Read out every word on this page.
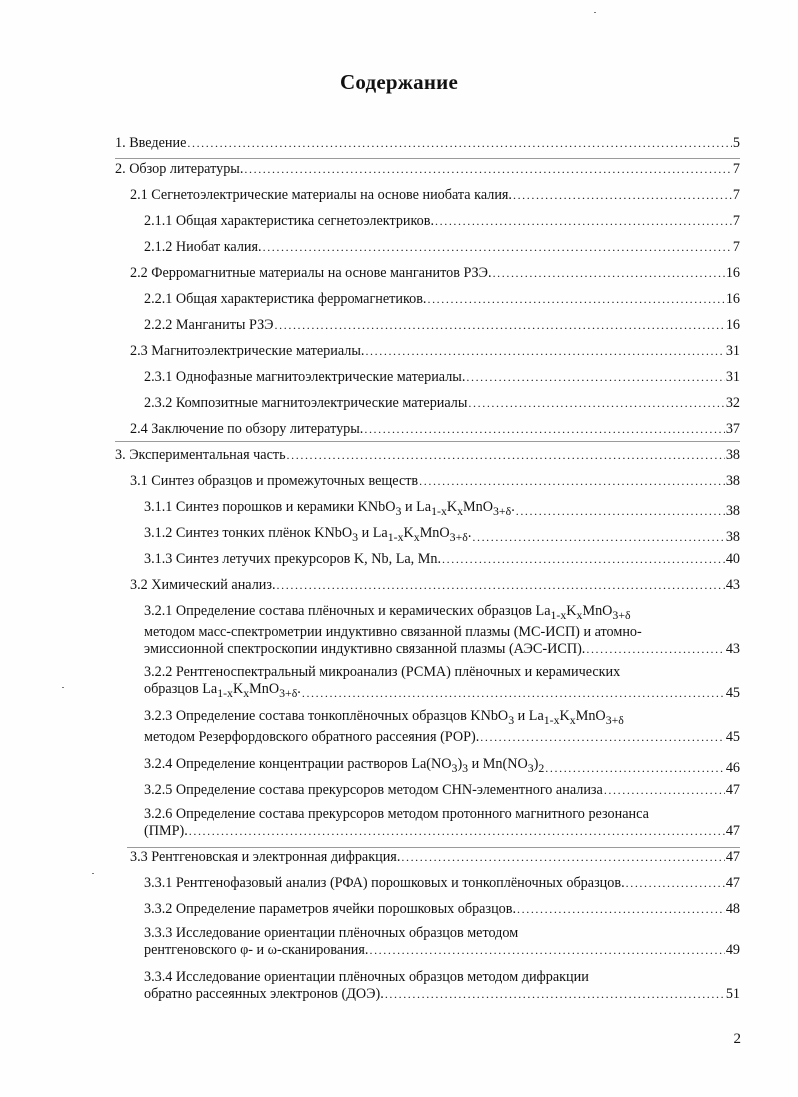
Содержание
1. Введение .....	5
2. Обзор литературы. .....	7
2.1 Сегнетоэлектрические материалы на основе ниобата калия. .....	7
2.1.1 Общая характеристика сегнетоэлектриков. .....	7
2.1.2 Ниобат калия. .....	7
2.2 Ферромагнитные материалы на основе манганитов РЗЭ. .....	16
2.2.1 Общая характеристика ферромагнетиков. .....	16
2.2.2 Манганиты РЗЭ .....	16
2.3 Магнитоэлектрические материалы. .....	31
2.3.1 Однофазные магнитоэлектрические материалы. .....	31
2.3.2 Композитные магнитоэлектрические материалы .....	32
2.4 Заключение по обзору литературы. .....	37
3. Экспериментальная часть .....	38
3.1 Синтез образцов и промежуточных веществ .....	38
3.1.1 Синтез порошков и керамики KNbO$_3$ и $La_{1-x}K_xMnO_{3+\delta}$. .....	38
3.1.2 Синтез тонких плёнок KNbO$_3$ и $La_{1-x}K_xMnO_{3+\delta}$. .....	38
3.1.3 Синтез летучих прекурсоров K, Nb, La, Mn. .....	40
3.2 Химический анализ. .....	43
3.2.1 Определение состава плёночных и керамических образцов $La_{1-x}K_xMnO_{3+\delta}$
методом масс-спектрометрии индуктивно связанной плазмы (МС-ИСП) и атомно-
эмиссионной спектроскопии индуктивно связанной плазмы (АЭС-ИСП). .....	43
3.2.2 Рентгеноспектральный микроанализ (РСМА) плёночных и керамических
образцов $La_{1-x}K_xMnO_{3+\delta}$. .....	45
3.2.3 Определение состава тонкоплёночных образцов KNbO$_3$ и $La_{1-x}K_xMnO_{3+\delta}$
методом Резерфордовского обратного рассеяния (РОР). .....	45
3.2.4 Определение концентрации растворов $La(NO_3)_3$ и $Mn(NO_3)_2$ .....	46
3.2.5 Определение состава прекурсоров методом CHN-элементного анализа .....	47
3.2.6 Определение состава прекурсоров методом протонного магнитного резонанса
(ПМР). .....	47
3.3 Рентгеновская и электронная дифракция. .....	47
3.3.1 Рентгенофазовый анализ (РФА) порошковых и тонкоплёночных образцов. .....	47
3.3.2 Определение параметров ячейки порошковых образцов. .....	48
3.3.3 Исследование ориентации плёночных образцов методом
рентгеновского φ- и ω-сканирования. .....	49
3.3.4 Исследование ориентации плёночных образцов методом дифракции
обратно рассеянных электронов (ДОЭ). .....	51
2
